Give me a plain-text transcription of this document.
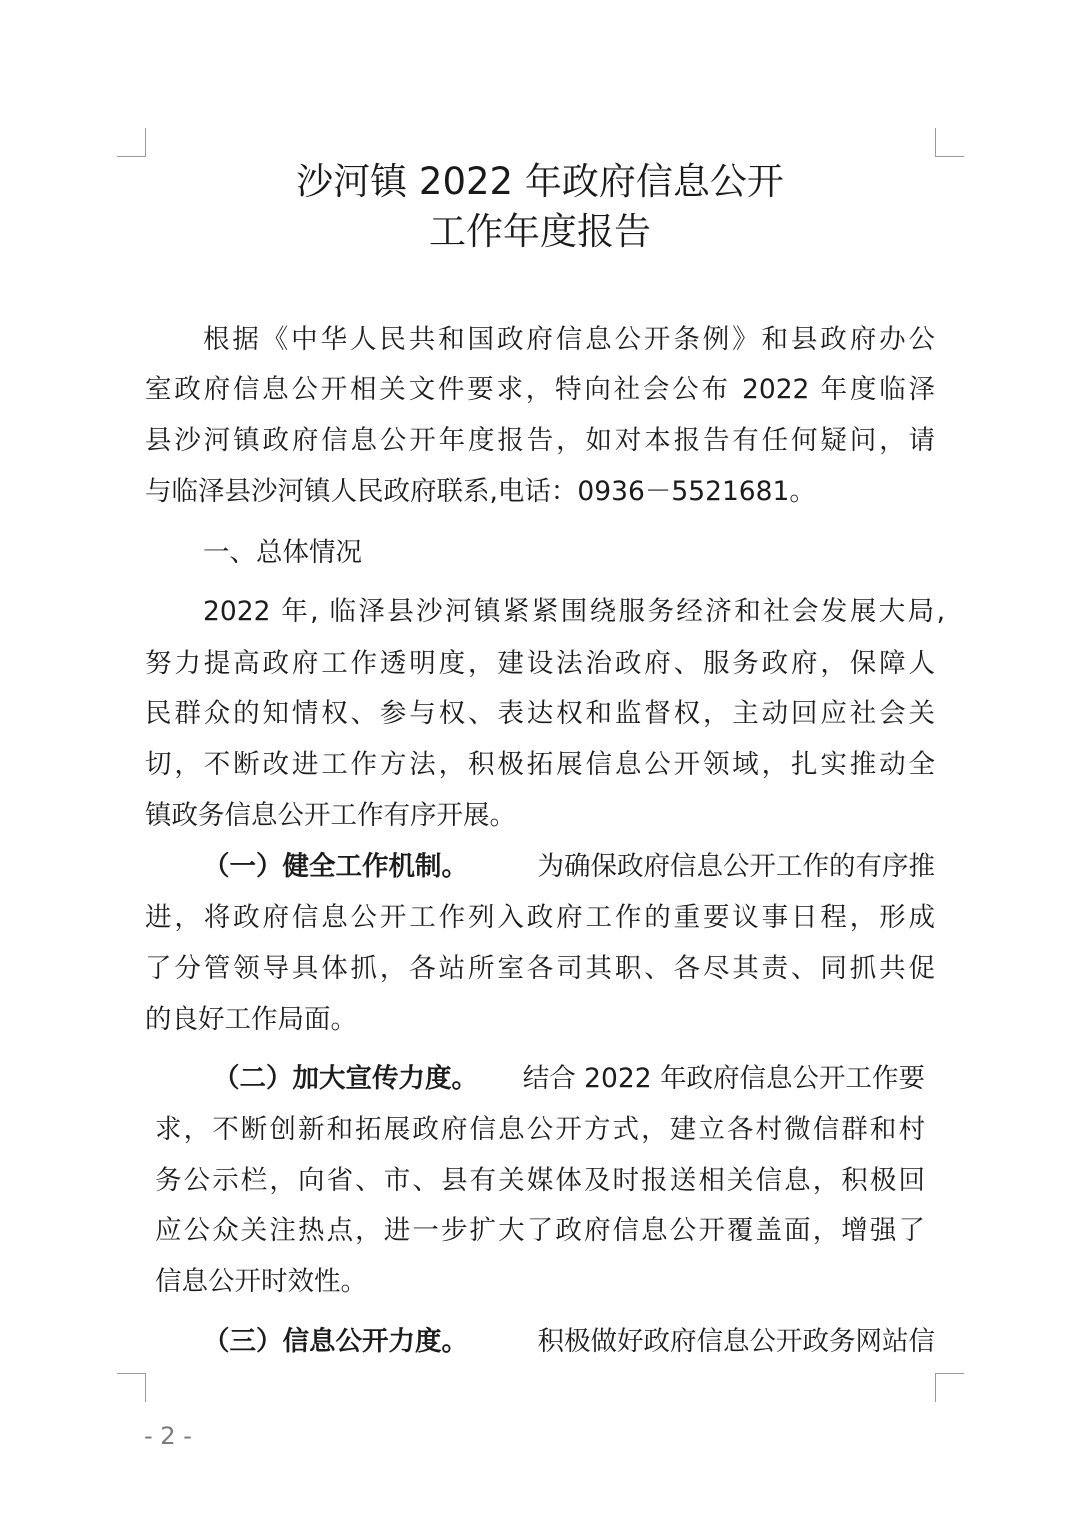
沙河镇 2022 年政府信息公开
工作年度报告
根据《中华人民共和国政府信息公开条例》和县政府办公
室政府信息公开相关文件要求，特向社会公布 2022 年度临泽
县沙河镇政府信息公开年度报告，如对本报告有任何疑问，请
与临泽县沙河镇人民政府联系,电话：0936－5521681。
一、总体情况
2022 年, 临泽县沙河镇紧紧围绕服务经济和社会发展大局,
努力提高政府工作透明度，建设法治政府、服务政府，保障人
民群众的知情权、参与权、表达权和监督权，主动回应社会关
切，不断改进工作方法，积极拓展信息公开领域，扎实推动全
镇政务信息公开工作有序开展。
（一）健全工作机制。	为确保政府信息公开工作的有序推
进，将政府信息公开工作列入政府工作的重要议事日程，形成
了分管领导具体抓，各站所室各司其职、各尽其责、同抓共促
的良好工作局面。
（二）加大宣传力度。 结合 2022 年政府信息公开工作要
求，不断创新和拓展政府信息公开方式，建立各村微信群和村
务公示栏，向省、市、县有关媒体及时报送相关信息，积极回
应公众关注热点，进一步扩大了政府信息公开覆盖面，增强了
信息公开时效性。
（三）信息公开力度。	积极做好政府信息公开政务网站信
- 2 -
